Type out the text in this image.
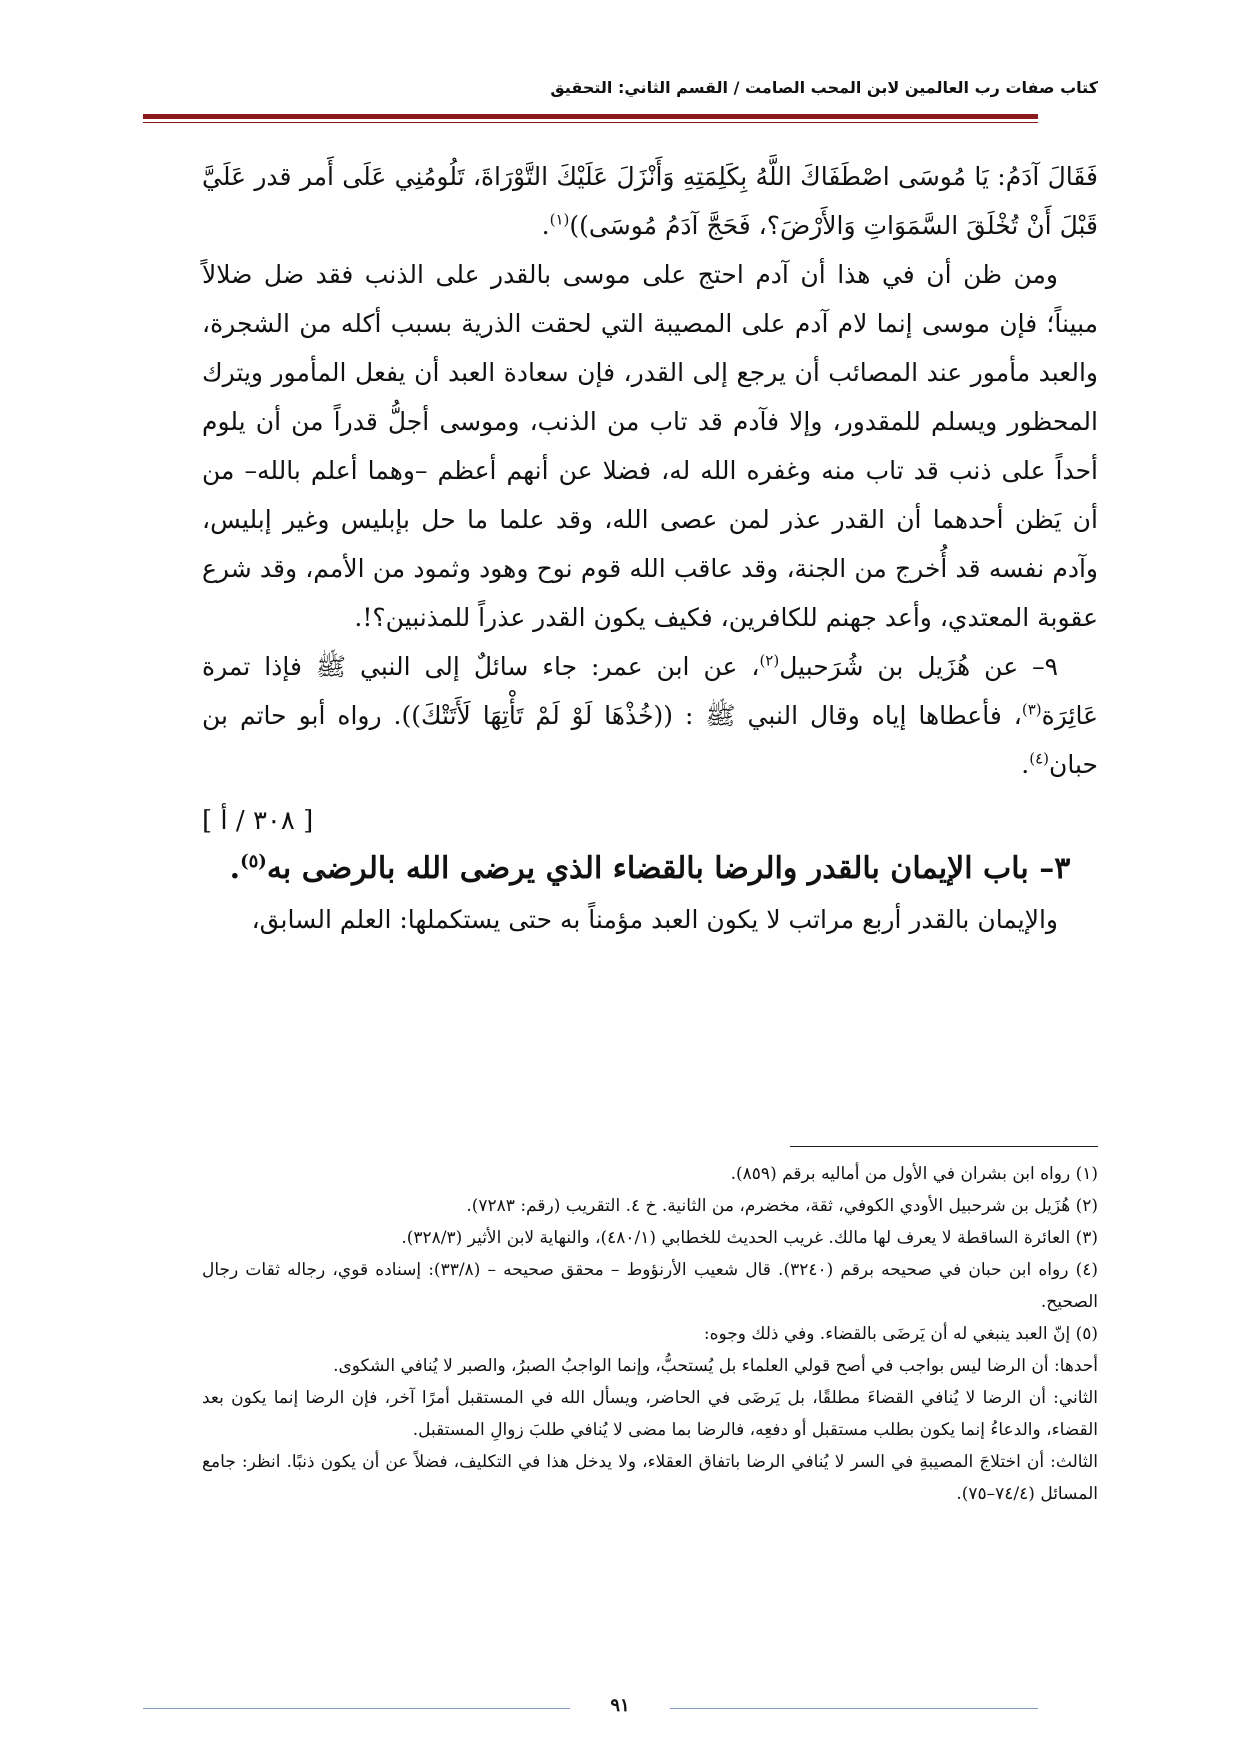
كتاب صفات رب العالمين لابن المحب الصامت / القسم الثاني: التحقيق

فَقَالَ آدَمُ: يَا مُوسَى اصْطَفَاكَ اللَّهُ بِكَلِمَتِهِ وَأَنْزَلَ عَلَيْكَ التَّوْرَاةَ، تَلُومُنِي عَلَى أَمر قدر عَلَيَّ قَبْلَ أَنْ تُخْلَقَ السَّمَوَاتِ وَالأَرْضَ؟، فَحَجَّ آدَمُ مُوسَى))$^{(١)}$.

ومن ظن أن في هذا أن آدم احتج على موسى بالقدر على الذنب فقد ضل ضلالاً مبيناً؛ فإن موسى إنما لام آدم على المصيبة التي لحقت الذرية بسبب أكله من الشجرة، والعبد مأمور عند المصائب أن يرجع إلى القدر، فإن سعادة العبد أن يفعل المأمور ويترك المحظور ويسلم للمقدور، وإلا فآدم قد تاب من الذنب، وموسى أجلُّ قدراً من أن يلوم أحداً على ذنب قد تاب منه وغفره الله له، فضلا عن أنهم أعظم –وهما أعلم بالله– من أن يَظن أحدهما أن القدر عذر لمن عصى الله، وقد علما ما حل بإبليس وغير إبليس، وآدم نفسه قد أُخرج من الجنة، وقد عاقب الله قوم نوح وهود وثمود من الأمم، وقد شرع عقوبة المعتدي، وأعد جهنم للكافرين، فكيف يكون القدر عذراً للمذنبين؟!.

٩– عن هُزَيل بن شُرَحبيل$^{(٢)}$، عن ابن عمر: جاء سائلٌ إلى النبي ﷺ فإذا تمرة عَائِرَة$^{(٣)}$، فأعطاها إياه وقال النبي ﷺ : ((خُذْهَا لَوْ لَمْ تَأْتِهَا لَأَتَتْكَ)). رواه أبو حاتم بن حبان$^{(٤)}$.

[ ٣٠٨ / أ ]

٣– باب الإيمان بالقدر والرضا بالقضاء الذي يرضى الله بالرضى به$^{(٥)}$.

والإيمان بالقدر أربع مراتب لا يكون العبد مؤمناً به حتى يستكملها: العلم السابق،

(١) رواه ابن بشران في الأول من أماليه برقم (٨٥٩).

(٢) هُزَيل بن شرحبيل الأودي الكوفي، ثقة، مخضرم، من الثانية. خ ٤. التقريب (رقم: ٧٢٨٣).

(٣) العائرة الساقطة لا يعرف لها مالك. غريب الحديث للخطابي (٤٨٠/١)، والنهاية لابن الأثير (٣٢٨/٣).

(٤) رواه ابن حبان في صحيحه برقم (٣٢٤٠). قال شعيب الأرنؤوط – محقق صحيحه – (٣٣/٨): إسناده قوي، رجاله ثقات رجال الصحيح.

(٥) إنّ العبد ينبغي له أن يَرضَى بالقضاء. وفي ذلك وجوه:

أحدها: أن الرضا ليس بواجب في أصح قولي العلماء بل يُستحبُّ، وإنما الواجبُ الصبرُ، والصبر لا يُنافي الشكوى.

الثاني: أن الرضا لا يُنافي القضاءَ مطلقًا، بل يَرضَى في الحاضر، ويسأل الله في المستقبل أمرًا آخر، فإن الرضا إنما يكون بعد القضاء، والدعاءُ إنما يكون بطلب مستقبل أو دفعِه، فالرضا بما مضى لا يُنافي طلبَ زوالِ المستقبل.

الثالث: أن اختلاجَ المصيبةِ في السر لا يُنافي الرضا باتفاق العقلاء، ولا يدخل هذا في التكليف، فضلاً عن أن يكون ذنبًا. انظر: جامع المسائل (٧٤/٤–٧٥).

٩١
